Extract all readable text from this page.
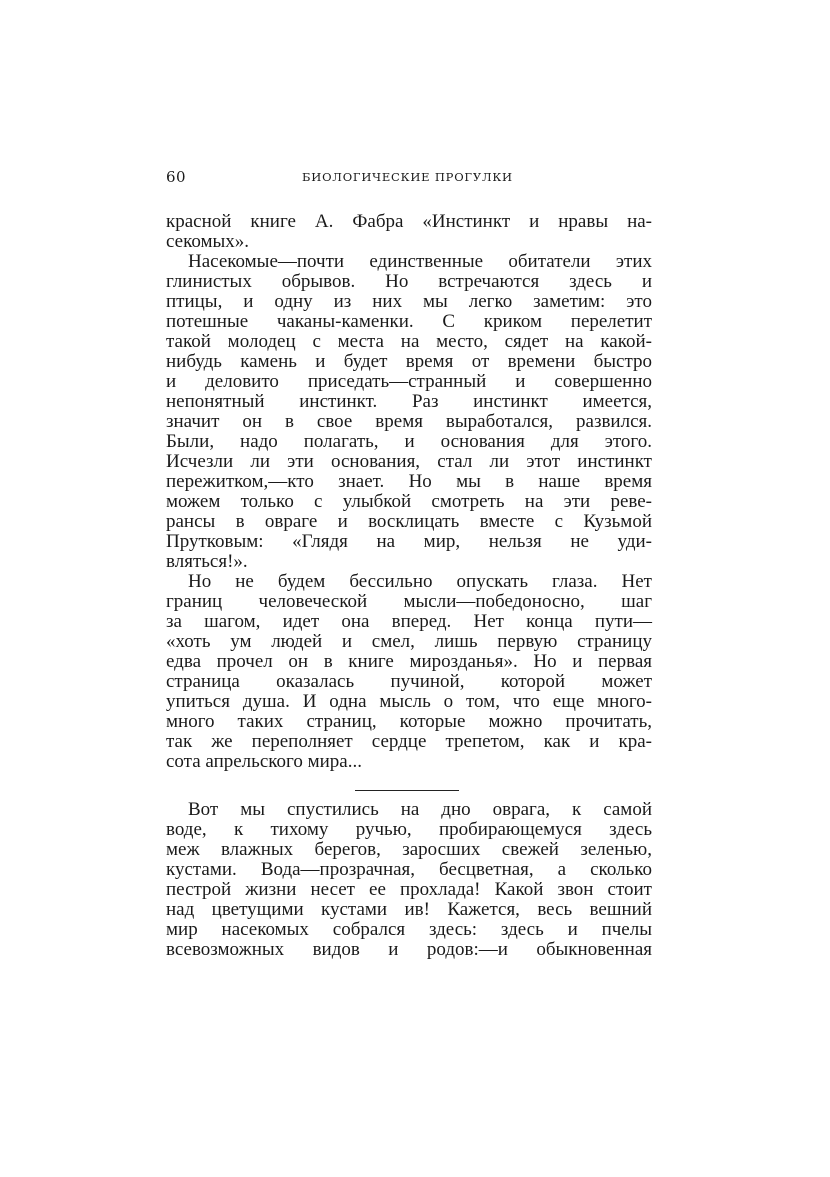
60	БИОЛОГИЧЕСКИЕ ПРОГУЛКИ
красной книге А. Фабра «Инстинкт и нравы на-
секомых».
Насекомые—почти единственные обитатели этих
глинистых обрывов. Но встречаются здесь и
птицы, и одну из них мы легко заметим: это
потешные чаканы-каменки. С криком перелетит
такой молодец с места на место, сядет на какой-
нибудь камень и будет время от времени быстро
и деловито приседать—странный и совершенно
непонятный инстинкт. Раз инстинкт имеется,
значит он в свое время выработался, развился.
Были, надо полагать, и основания для этого.
Исчезли ли эти основания, стал ли этот инстинкт
пережитком,—кто знает. Но мы в наше время
можем только с улыбкой смотреть на эти реве-
рансы в овраге и восклицать вместе с Кузьмой
Прутковым: «Глядя на мир, нельзя не уди-
вляться!».
Но не будем бессильно опускать глаза. Нет
границ человеческой мысли—победоносно, шаг
за шагом, идет она вперед. Нет конца пути—
«хоть ум людей и смел, лишь первую страницу
едва прочел он в книге мирозданья». Но и первая
страница оказалась пучиной, которой может
упиться душа. И одна мысль о том, что еще много-
много таких страниц, которые можно прочитать,
так же переполняет сердце трепетом, как и кра-
сота апрельского мира...
Вот мы спустились на дно оврага, к самой
воде, к тихому ручью, пробирающемуся здесь
меж влажных берегов, заросших свежей зеленью,
кустами. Вода—прозрачная, бесцветная, а сколько
пестрой жизни несет ее прохлада! Какой звон стоит
над цветущими кустами ив! Кажется, весь вешний
мир насекомых собрался здесь: здесь и пчелы
всевозможных видов и родов:—и обыкновенная
